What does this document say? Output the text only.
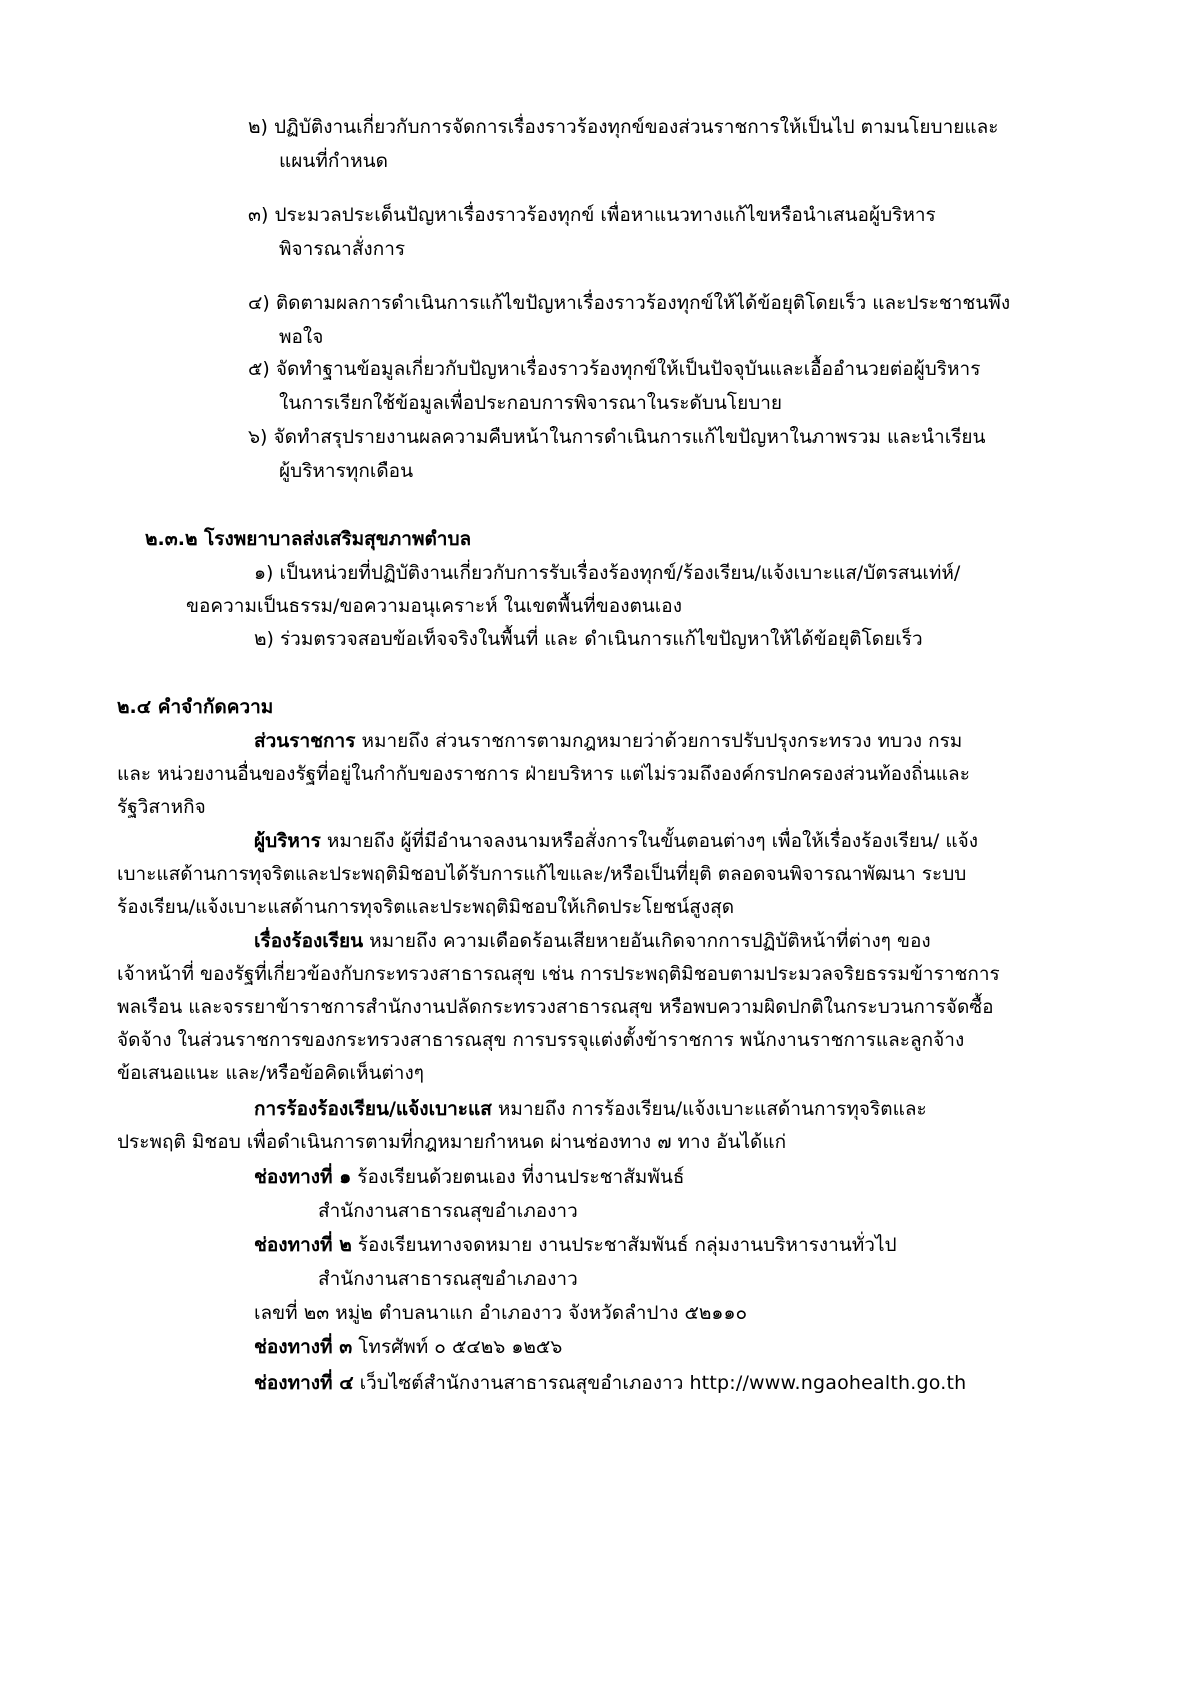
๒) ปฏิบัติงานเกี่ยวกับการจัดการเรื่องราวร้องทุกข์ของส่วนราชการให้เป็นไป ตามนโยบายและ
แผนที่กำหนด
๓) ประมวลประเด็นปัญหาเรื่องราวร้องทุกข์ เพื่อหาแนวทางแก้ไขหรือนำเสนอผู้บริหาร
พิจารณาสั่งการ
๔) ติดตามผลการดำเนินการแก้ไขปัญหาเรื่องราวร้องทุกข์ให้ได้ข้อยุติโดยเร็ว และประชาชนพึง
พอใจ
๕) จัดทำฐานข้อมูลเกี่ยวกับปัญหาเรื่องราวร้องทุกข์ให้เป็นปัจจุบันและเอื้ออำนวยต่อผู้บริหาร
ในการเรียกใช้ข้อมูลเพื่อประกอบการพิจารณาในระดับนโยบาย
๖) จัดทำสรุปรายงานผลความคืบหน้าในการดำเนินการแก้ไขปัญหาในภาพรวม และนำเรียน
ผู้บริหารทุกเดือน
๒.๓.๒ โรงพยาบาลส่งเสริมสุขภาพตำบล
๑) เป็นหน่วยที่ปฏิบัติงานเกี่ยวกับการรับเรื่องร้องทุกข์/ร้องเรียน/แจ้งเบาะแส/บัตรสนเท่ห์/
ขอความเป็นธรรม/ขอความอนุเคราะห์ ในเขตพื้นที่ของตนเอง
๒) ร่วมตรวจสอบข้อเท็จจริงในพื้นที่ และ ดำเนินการแก้ไขปัญหาให้ได้ข้อยุติโดยเร็ว
๒.๔ คำจำกัดความ
ส่วนราชการ หมายถึง ส่วนราชการตามกฎหมายว่าด้วยการปรับปรุงกระทรวง ทบวง กรม
และ หน่วยงานอื่นของรัฐที่อยู่ในกำกับของราชการ ฝ่ายบริหาร แต่ไม่รวมถึงองค์กรปกครองส่วนท้องถิ่นและ
รัฐวิสาหกิจ
ผู้บริหาร หมายถึง ผู้ที่มีอำนาจลงนามหรือสั่งการในขั้นตอนต่างๆ เพื่อให้เรื่องร้องเรียน/ แจ้ง
เบาะแสด้านการทุจริตและประพฤติมิชอบได้รับการแก้ไขและ/หรือเป็นที่ยุติ ตลอดจนพิจารณาพัฒนา ระบบ
ร้องเรียน/แจ้งเบาะแสด้านการทุจริตและประพฤติมิชอบให้เกิดประโยชน์สูงสุด
เรื่องร้องเรียน หมายถึง ความเดือดร้อนเสียหายอันเกิดจากการปฏิบัติหน้าที่ต่างๆ ของ
เจ้าหน้าที่ ของรัฐที่เกี่ยวข้องกับกระทรวงสาธารณสุข เช่น การประพฤติมิชอบตามประมวลจริยธรรมข้าราชการ
พลเรือน และจรรยาข้าราชการสำนักงานปลัดกระทรวงสาธารณสุข หรือพบความผิดปกติในกระบวนการจัดซื้อ
จัดจ้าง ในส่วนราชการของกระทรวงสาธารณสุข การบรรจุแต่งตั้งข้าราชการ พนักงานราชการและลูกจ้าง
ข้อเสนอแนะ และ/หรือข้อคิดเห็นต่างๆ
การร้องร้องเรียน/แจ้งเบาะแส หมายถึง การร้องเรียน/แจ้งเบาะแสด้านการทุจริตและ
ประพฤติ มิชอบ เพื่อดำเนินการตามที่กฎหมายกำหนด ผ่านช่องทาง ๗ ทาง อันได้แก่
ช่องทางที่ ๑ ร้องเรียนด้วยตนเอง ที่งานประชาสัมพันธ์
สำนักงานสาธารณสุขอำเภองาว
ช่องทางที่ ๒ ร้องเรียนทางจดหมาย งานประชาสัมพันธ์ กลุ่มงานบริหารงานทั่วไป
สำนักงานสาธารณสุขอำเภองาว
เลขที่ ๒๓ หมู่๒ ตำบลนาแก อำเภองาว จังหวัดลำปาง ๕๒๑๑๐
ช่องทางที่ ๓ โทรศัพท์ ๐ ๕๔๒๖ ๑๒๕๖
ช่องทางที่ ๔ เว็บไซต์สำนักงานสาธารณสุขอำเภองาว http://www.ngaohealth.go.th
